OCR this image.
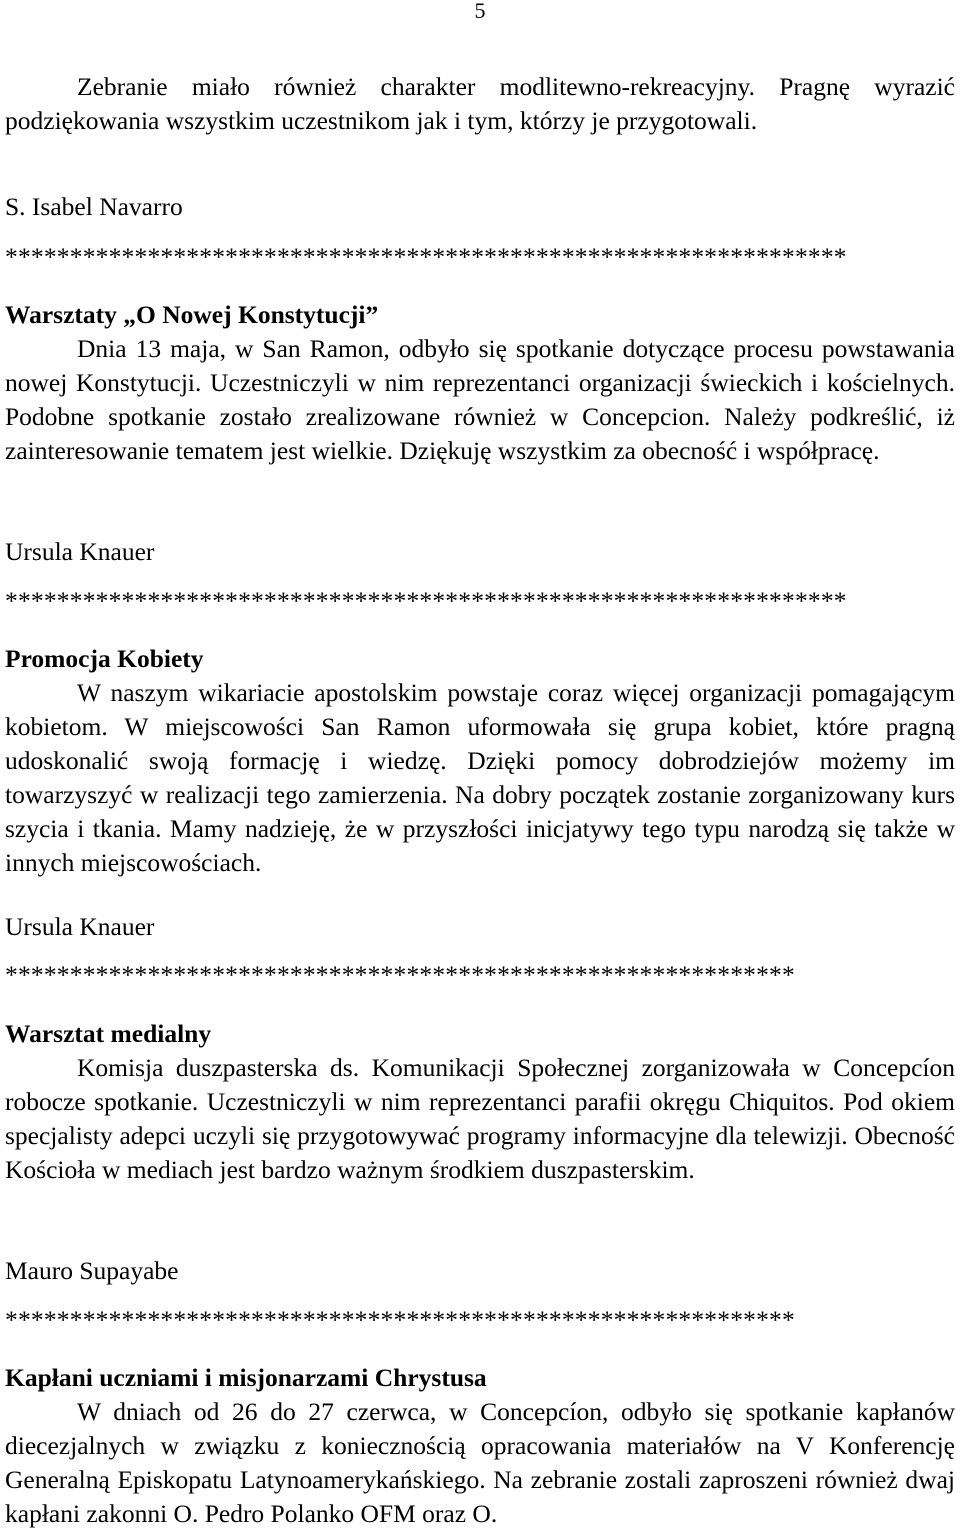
5

Zebranie miało również charakter modlitewno-rekreacyjny. Pragnę wyrazić podziękowania wszystkim uczestnikom jak i tym, którzy je przygotowali.

S. Isabel Navarro

*****************************************************************

Warsztaty „O Nowej Konstytucji”

Dnia 13 maja, w San Ramon, odbyło się spotkanie dotyczące procesu powstawania nowej Konstytucji. Uczestniczyli w nim reprezentanci organizacji świeckich i kościelnych. Podobne spotkanie zostało zrealizowane również w Concepcion. Należy podkreślić, iż zainteresowanie tematem jest wielkie. Dziękuję wszystkim za obecność i współpracę.

Ursula Knauer

*****************************************************************

Promocja Kobiety

W naszym wikariacie apostolskim powstaje coraz więcej organizacji pomagającym kobietom. W miejscowości San Ramon uformowała się grupa kobiet, które pragną udoskonalić swoją formację i wiedzę. Dzięki pomocy dobrodziejów możemy im towarzyszyć w realizacji tego zamierzenia. Na dobry początek zostanie zorganizowany kurs szycia i tkania. Mamy nadzieję, że w przyszłości inicjatywy tego typu narodzą się także w innych miejscowościach.

Ursula Knauer

*************************************************************

Warsztat medialny

Komisja duszpasterska ds. Komunikacji Społecznej zorganizowała w Concepcíon robocze spotkanie. Uczestniczyli w nim reprezentanci parafii okręgu Chiquitos. Pod okiem specjalisty adepci uczyli się przygotowywać programy informacyjne dla telewizji. Obecność Kościoła w mediach jest bardzo ważnym środkiem duszpasterskim.

Mauro Supayabe

*************************************************************

Kapłani uczniami i misjonarzami Chrystusa

W dniach od 26 do 27 czerwca, w Concepcíon, odbyło się spotkanie kapłanów diecezjalnych w związku z koniecznością opracowania materiałów na V Konferencję Generalną Episkopatu Latynoamerykańskiego. Na zebranie zostali zaproszeni również dwaj kapłani zakonni O. Pedro Polanko OFM oraz O.
